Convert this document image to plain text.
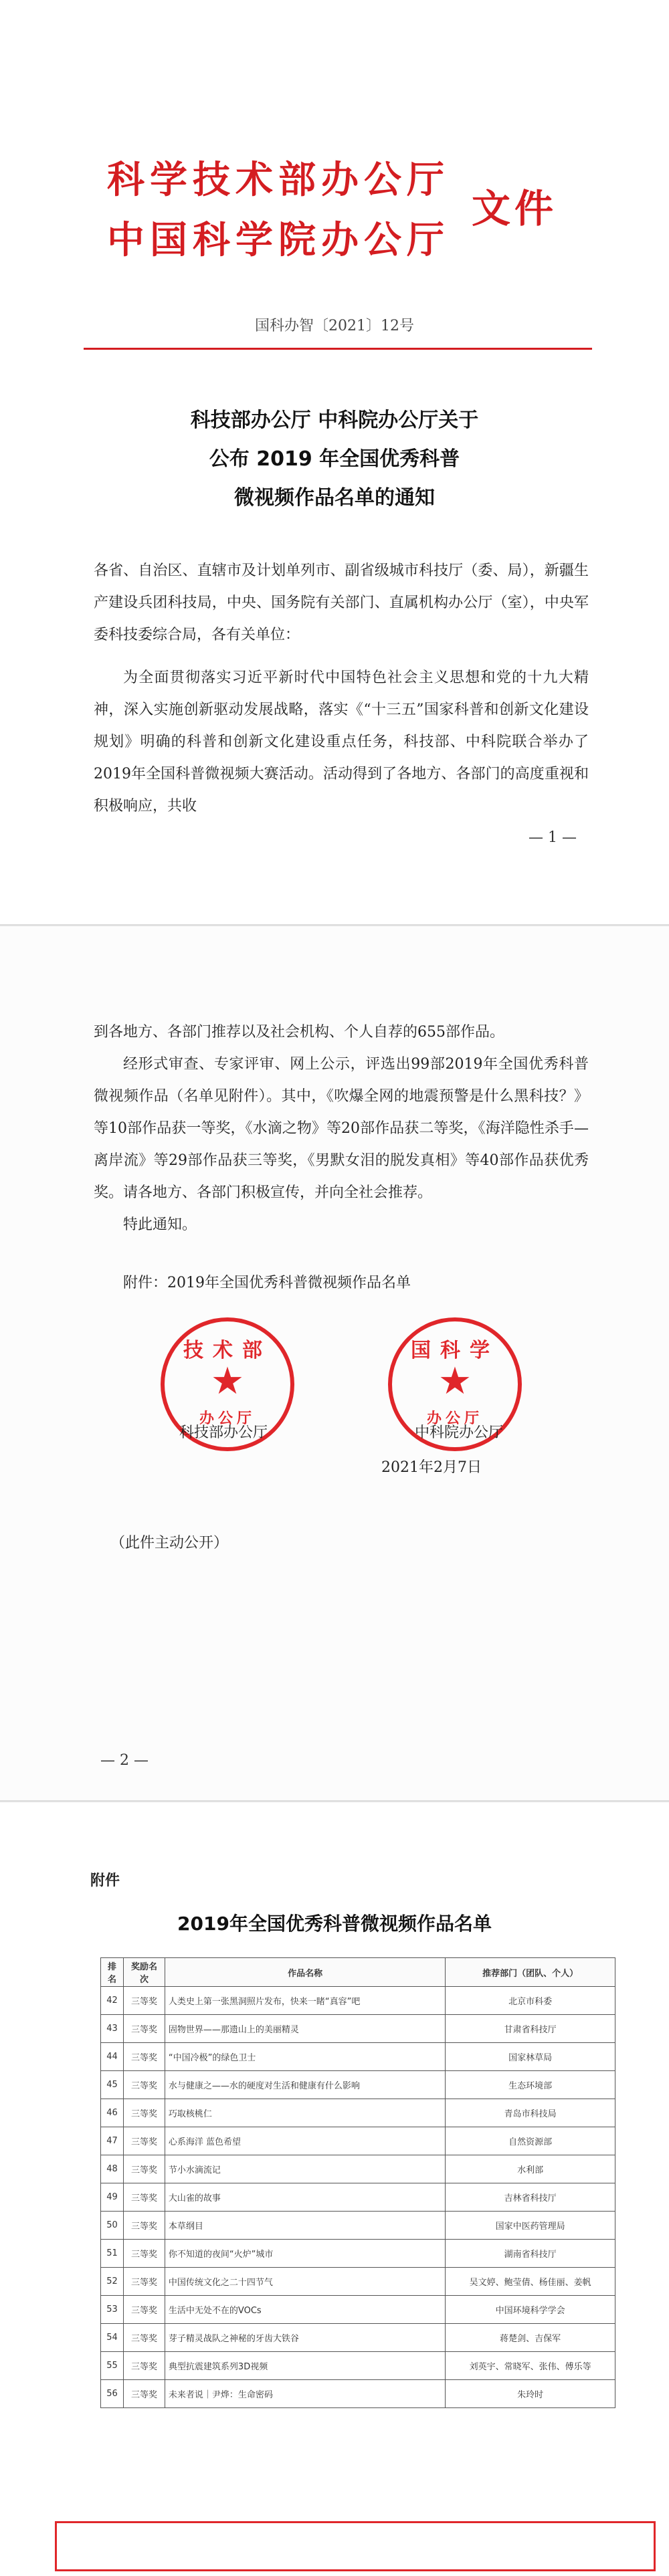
科学技术部办公厅
中国科学院办公厅
文件
国科办智〔2021〕12号
科技部办公厅 中科院办公厅关于
公布 2019 年全国优秀科普
微视频作品名单的通知
各省、自治区、直辖市及计划单列市、副省级城市科技厅（委、局），新疆生产建设兵团科技局，中央、国务院有关部门、直属机构办公厅（室），中央军委科技委综合局，各有关单位：
为全面贯彻落实习近平新时代中国特色社会主义思想和党的十九大精神，深入实施创新驱动发展战略，落实《“十三五”国家科普和创新文化建设规划》明确的科普和创新文化建设重点任务，科技部、中科院联合举办了2019年全国科普微视频大赛活动。活动得到了各地方、各部门的高度重视和积极响应，共收
— 1 —
到各地方、各部门推荐以及社会机构、个人自荐的655部作品。
经形式审查、专家评审、网上公示，评选出99部2019年全国优秀科普微视频作品（名单见附件）。其中，《吹爆全网的地震预警是什么黑科技？》等10部作品获一等奖，《水滴之物》等20部作品获二等奖，《海洋隐性杀手—离岸流》等29部作品获三等奖，《男默女泪的脱发真相》等40部作品获优秀奖。请各地方、各部门积极宣传，并向全社会推荐。
特此通知。
附件：2019年全国优秀科普微视频作品名单
技术部
★
办公厅
国科学
★
办公厅
科技部办公厅	中科院办公厅
2021年2月7日
（此件主动公开）
— 2 —
附件
2019年全国优秀科普微视频作品名单
排名	奖励名次	作品名称	推荐部门（团队、个人）
42	三等奖	人类史上第一张黑洞照片发布，快来一睹“真容”吧	北京市科委
43	三等奖	固物世界——那遗山上的美丽精灵	甘肃省科技厅
44	三等奖	“中国冷极”的绿色卫士	国家林草局
45	三等奖	水与健康之——水的硬度对生活和健康有什么影响	生态环境部
46	三等奖	巧取核桃仁	青岛市科技局
47	三等奖	心系海洋 蓝色希望	自然资源部
48	三等奖	节小水滴流记	水利部
49	三等奖	大山雀的故事	吉林省科技厅
50	三等奖	本草纲目	国家中医药管理局
51	三等奖	你不知道的夜间“火炉”城市	湖南省科技厅
52	三等奖	中国传统文化之二十四节气	吴文婷、鲍莹倩、杨佳丽、姜帆
53	三等奖	生活中无处不在的VOCs	中国环境科学学会
54	三等奖	芽子精灵战队之神秘的牙齿大铁谷	蒋楚剑、吉保军
55	三等奖	典型抗震建筑系列3D视频	刘英宇、常晓军、张伟、傅乐等
56	三等奖	未来者说｜尹烨：生命密码	朱玲时
